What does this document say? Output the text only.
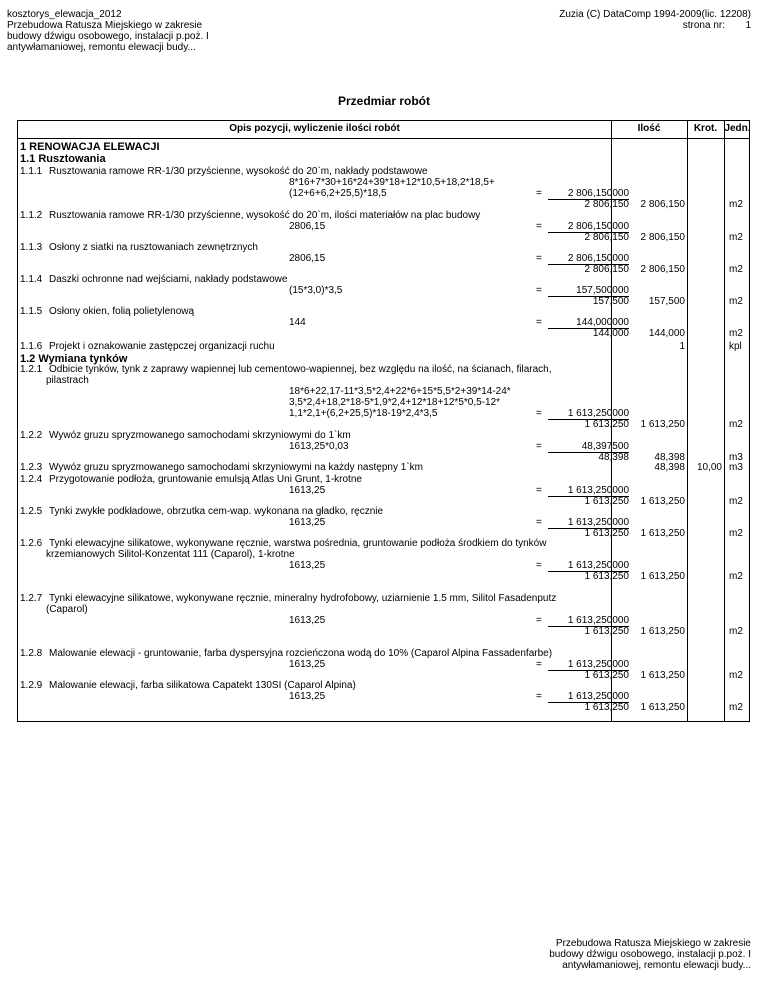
kosztorys_elewacja_2012
Przebudowa Ratusza Miejskiego w zakresie
budowy dźwigu osobowego, instalacji p.poż. I
antywłamaniowej, remontu elewacji budy...
Zuzia (C) DataComp 1994-2009(lic. 12208)
strona nr: 1
Przedmiar robót
Opis pozycji, wyliczenie ilości robót	Ilość	Krot. Jedn.
1 RENOWACJA ELEWACJI
1.1 Rusztowania
1.2 Wymiana tynków
1.1.1 Rusztowania ramowe RR-1/30 przyścienne, wysokość do 20`m, nakłady podstawowe
8*16+7*30+16*24+39*18+12*10,5+18,2*18,5+
(12+6+6,2+25,5)*18,5	=	2 806,150000
2 806,150	2 806,150	m2
1.1.2 Rusztowania ramowe RR-1/30 przyścienne, wysokość do 20`m, ilości materiałów na plac budowy
2806,15	=	2 806,150000
2 806,150	2 806,150	m2
1.1.3 Osłony z siatki na rusztowaniach zewnętrznych
2806,15	=	2 806,150000
2 806,150	2 806,150	m2
1.1.4 Daszki ochronne nad wejściami, nakłady podstawowe
(15*3,0)*3,5	=	157,500000
157,500	157,500	m2
1.1.5 Osłony okien, folią polietylenową
144	=	144,000000
144,000	144,000	m2
1.1.6 Projekt i oznakowanie zastępczej organizacji ruchu	1	kpl
1.2.1 Odbicie tynków, tynk z zaprawy wapiennej lub cementowo-wapiennej, bez względu na ilość, na ścianach, filarach,
pilastrach
18*6+22,17-11*3,5*2,4+22*6+15*5,5*2+39*14-24*
3,5*2,4+18,2*18-5*1,9*2,4+12*18+12*5*0,5-12*
1,1*2,1+(6,2+25,5)*18-19*2,4*3,5	=	1 613,250000
1 613,250	1 613,250	m2
1.2.2 Wywóz gruzu spryzmowanego samochodami skrzyniowymi do 1`km
1613,25*0,03	=	48,397500
48,398	48,398	m3
1.2.3 Wywóz gruzu spryzmowanego samochodami skrzyniowymi na każdy następny 1`km	48,398	10,00 m3
1.2.4 Przygotowanie podłoża, gruntowanie emulsją Atlas Uni Grunt, 1-krotne
1613,25	=	1 613,250000
1 613,250	1 613,250	m2
1.2.5 Tynki zwykłe podkładowe, obrzutka cem-wap. wykonana na gładko, ręcznie
1613,25	=	1 613,250000
1 613,250	1 613,250	m2
1.2.6 Tynki elewacyjne silikatowe, wykonywane ręcznie, warstwa pośrednia, gruntowanie podłoża środkiem do tynków
krzemianowych Silitol-Konzentat 111 (Caparol), 1-krotne
1613,25	=	1 613,250000
1 613,250	1 613,250	m2
1.2.7 Tynki elewacyjne silikatowe, wykonywane ręcznie, mineralny hydrofobowy, uziarnienie 1.5 mm, Silitol Fasadenputz
(Caparol)
1613,25	=	1 613,250000
1 613,250	1 613,250	m2
1.2.8 Malowanie elewacji - gruntowanie, farba dyspersyjna rozcieńczona wodą do 10% (Caparol Alpina Fassadenfarbe)
1613,25	=	1 613,250000
1 613,250	1 613,250	m2
1.2.9 Malowanie elewacji, farba silikatowa Capatekt 130SI (Caparol Alpina)
1613,25	=	1 613,250000
1 613,250	1 613,250	m2
Przebudowa Ratusza Miejskiego w zakresie
budowy dźwigu osobowego, instalacji p.poż. I
antywłamaniowej, remontu elewacji budy...
